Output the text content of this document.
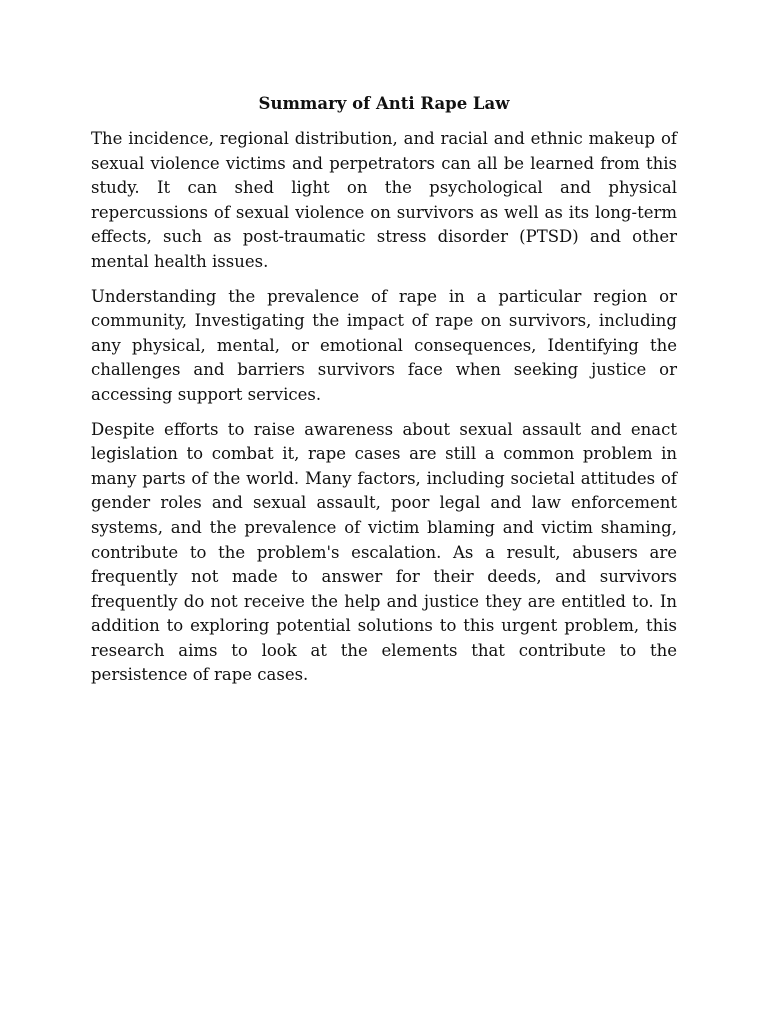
Summary of Anti Rape Law

The incidence, regional distribution, and racial and ethnic makeup of sexual violence victims and perpetrators can all be learned from this study. It can shed light on the psychological and physical repercussions of sexual violence on survivors as well as its long-term effects, such as post-traumatic stress disorder (PTSD) and other mental health issues.

Understanding the prevalence of rape in a particular region or community, Investigating the impact of rape on survivors, including any physical, mental, or emotional consequences, Identifying the challenges and barriers survivors face when seeking justice or accessing support services.

Despite efforts to raise awareness about sexual assault and enact legislation to combat it, rape cases are still a common problem in many parts of the world. Many factors, including societal attitudes of gender roles and sexual assault, poor legal and law enforcement systems, and the prevalence of victim blaming and victim shaming, contribute to the problem's escalation. As a result, abusers are frequently not made to answer for their deeds, and survivors frequently do not receive the help and justice they are entitled to. In addition to exploring potential solutions to this urgent problem, this research aims to look at the elements that contribute to the persistence of rape cases.
